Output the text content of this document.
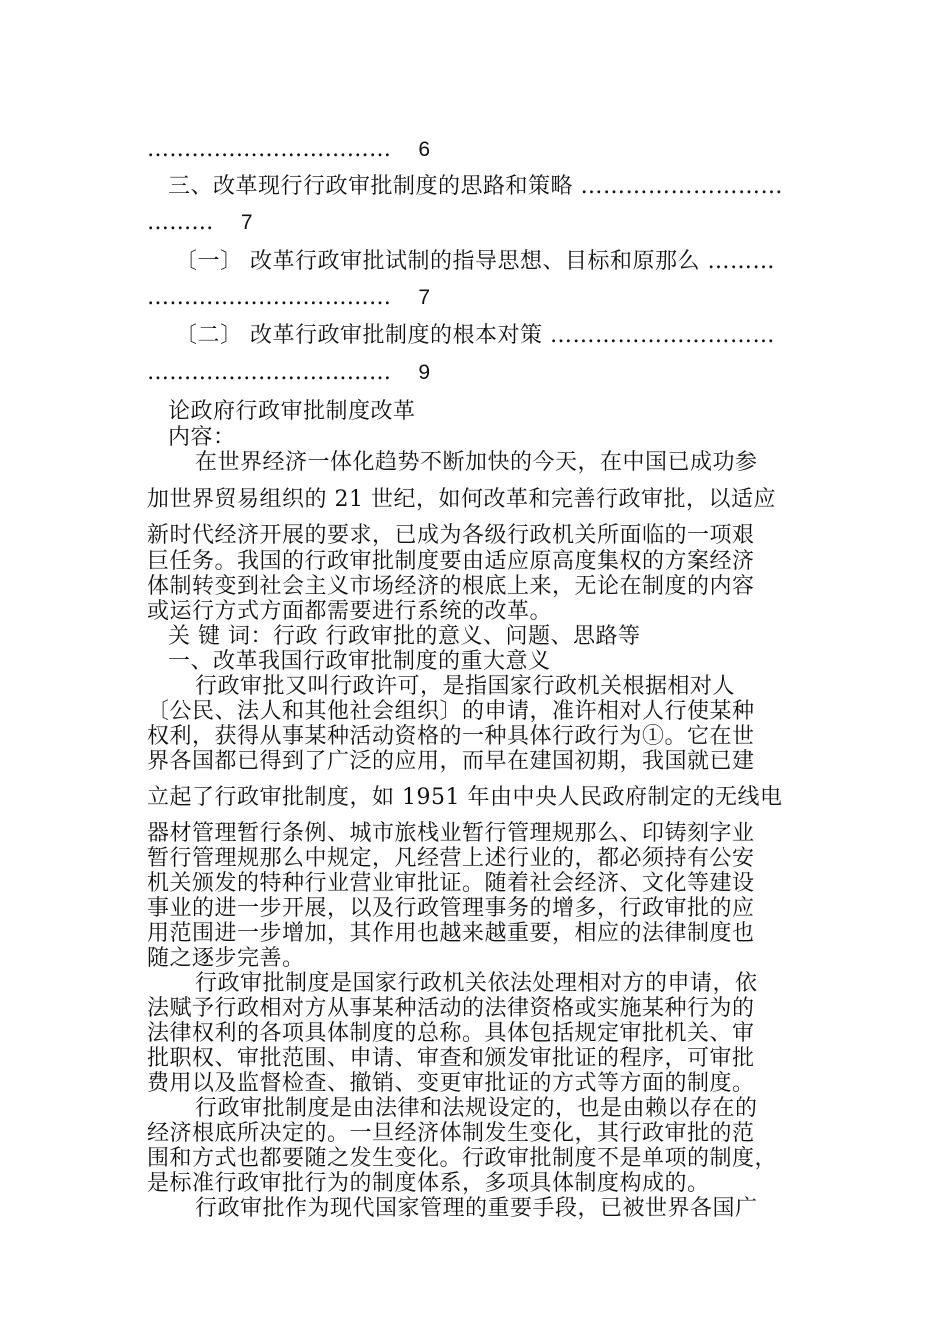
…………………………… 6
三、改革现行行政审批制度的思路和策略 ………………………
……… 7
〔一〕 改革行政审批试制的指导思想、目标和原那么 ………
…………………………… 7
〔二〕 改革行政审批制度的根本对策 …………………………
…………………………… 9
论政府行政审批制度改革
内容：
在世界经济一体化趋势不断加快的今天，在中国已成功参
加世界贸易组织的 21 世纪，如何改革和完善行政审批，以适应
新时代经济开展的要求，已成为各级行政机关所面临的一项艰
巨任务。我国的行政审批制度要由适应原高度集权的方案经济
体制转变到社会主义市场经济的根底上来，无论在制度的内容
或运行方式方面都需要进行系统的改革。
关 键 词：行政 行政审批的意义、问题、思路等
一、改革我国行政审批制度的重大意义
行政审批又叫行政许可，是指国家行政机关根据相对人
〔公民、法人和其他社会组织〕的申请，准许相对人行使某种
权利，获得从事某种活动资格的一种具体行政行为①。它在世
界各国都已得到了广泛的应用，而早在建国初期，我国就已建
立起了行政审批制度，如 1951 年由中央人民政府制定的无线电
器材管理暂行条例、城市旅栈业暂行管理规那么、印铸刻字业
暂行管理规那么中规定，凡经营上述行业的，都必须持有公安
机关颁发的特种行业营业审批证。随着社会经济、文化等建设
事业的进一步开展，以及行政管理事务的增多，行政审批的应
用范围进一步增加，其作用也越来越重要，相应的法律制度也
随之逐步完善。
行政审批制度是国家行政机关依法处理相对方的申请，依
法赋予行政相对方从事某种活动的法律资格或实施某种行为的
法律权利的各项具体制度的总称。具体包括规定审批机关、审
批职权、审批范围、申请、审查和颁发审批证的程序，可审批
费用以及监督检查、撤销、变更审批证的方式等方面的制度。
行政审批制度是由法律和法规设定的，也是由赖以存在的
经济根底所决定的。一旦经济体制发生变化，其行政审批的范
围和方式也都要随之发生变化。行政审批制度不是单项的制度，
是标准行政审批行为的制度体系，多项具体制度构成的。
行政审批作为现代国家管理的重要手段，已被世界各国广
